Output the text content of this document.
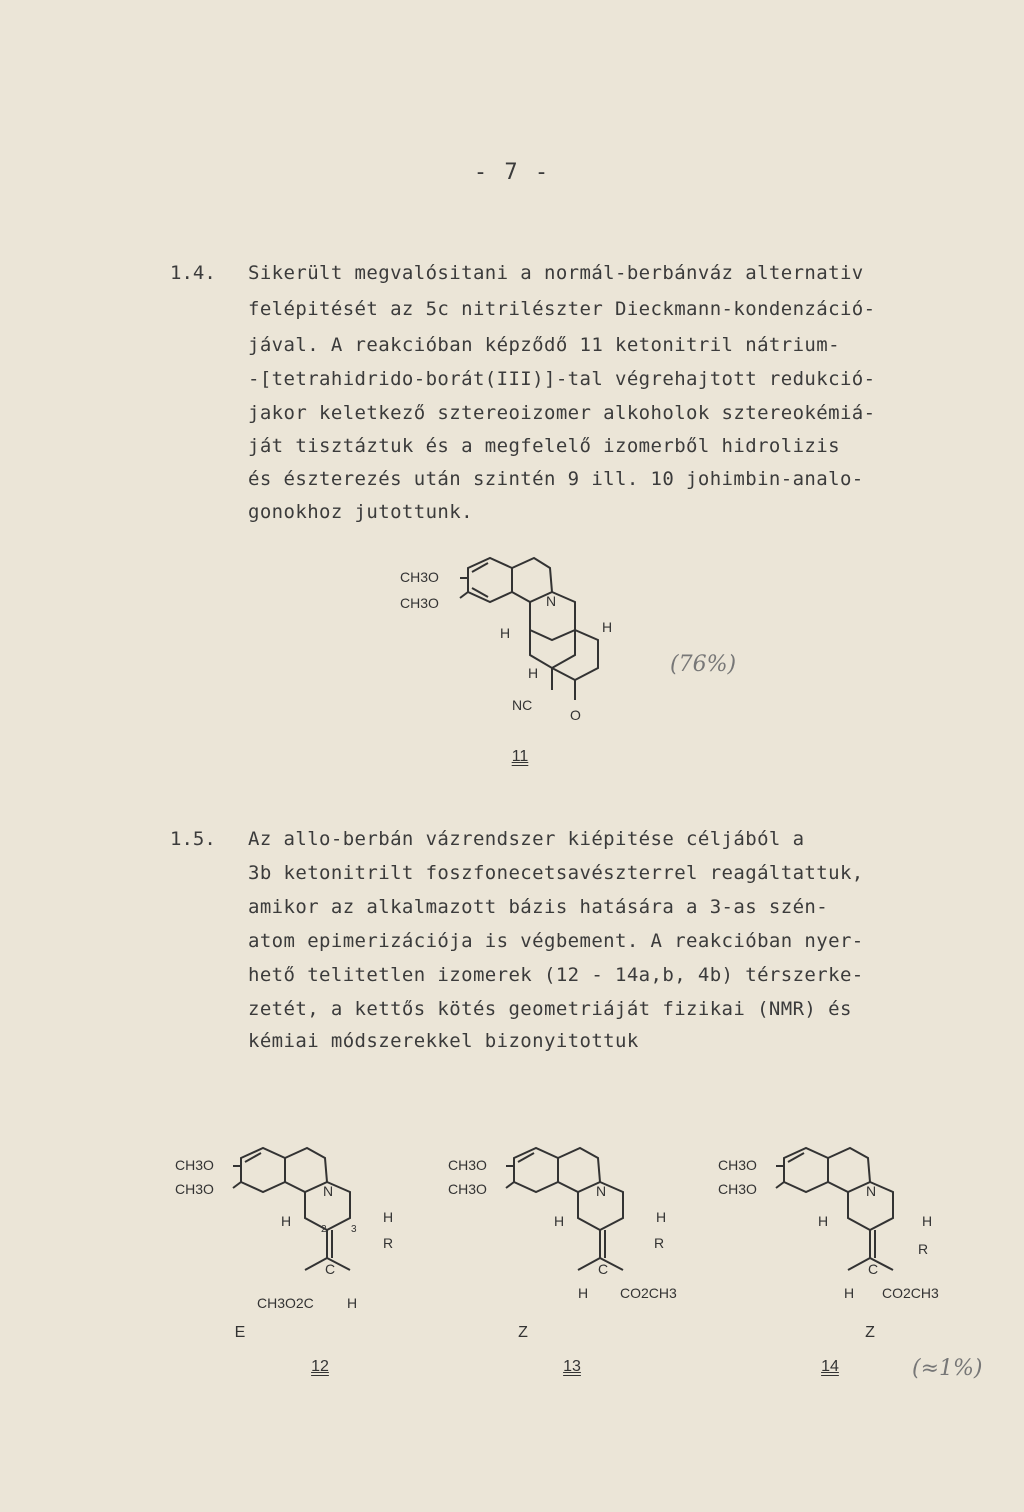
- 7 -
1.4. Sikerült megvalósitani a normál-berbánváz alternativ
felépitését az 5c nitrilészter Dieckmann-kondenzáció-
jával. A reakcióban képződő 11 ketonitril nátrium-
-[tetrahidrido-borát(III)]-tal végrehajtott redukció-
jakor keletkező sztereoizomer alkoholok sztereokémiá-
ját tisztáztuk és a megfelelő izomerből hidrolizis
és észterezés után szintén 9 ill. 10 johimbin-analo-
gonokhoz jutottunk.
CH3O
CH3O	N
H	H
H
NC
O
11
(76%)
1.5. Az allo-berbán vázrendszer kiépitése céljából a
3b ketonitrilt foszfonecetsavészterrel reagáltattuk,
amikor az alkalmazott bázis hatására a 3-as szén-
atom epimerizációja is végbement. A reakcióban nyer-
hető telitetlen izomerek (12 - 14a,b, 4b) térszerke-
zetét, a kettős kötés geometriáját fizikai (NMR) és
kémiai módszerekkel bizonyitottuk
CH3O
CH3O	N
H	H
R
2 3
C
CH3O2C H
CH3O
CH3O	N
H	H
R
C
H CO2CH3
CH3O
CH3O	N
H	H
R
C
H CO2CH3
E	Z	Z
12	13	14	(≈1%)
